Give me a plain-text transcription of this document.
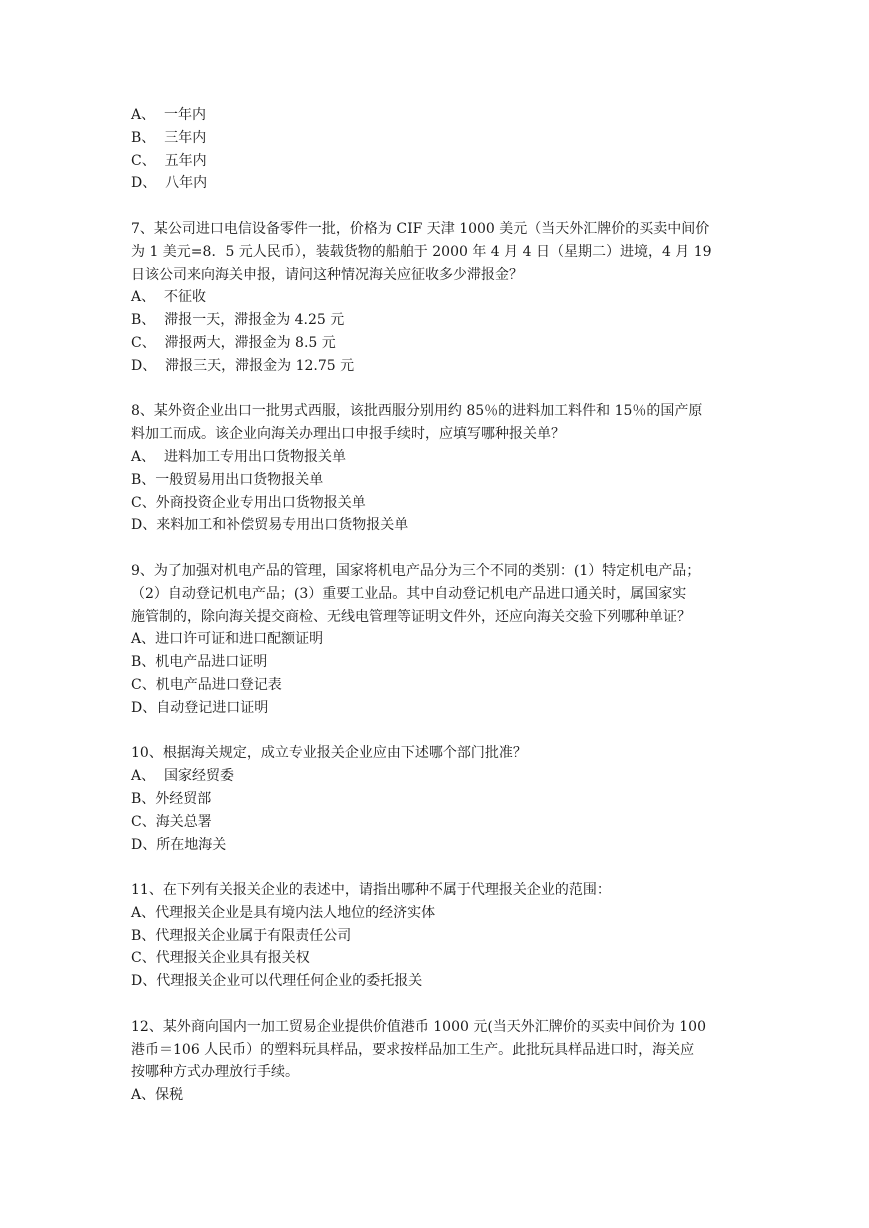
A、  一年内

B、  三年内

C、  五年内

D、  八年内

7、某公司进口电信设备零件一批，价格为 CIF 天津 1000 美元（当天外汇牌价的买卖中间价

为 1 美元=8．5 元人民币），装载货物的船舶于 2000 年 4 月 4 日（星期二）进境，4 月 19

日该公司来向海关申报，请问这种情况海关应征收多少滞报金？

A、  不征收

B、  滞报一天，滞报金为 4.25 元

C、  滞报两大，滞报金为 8.5 元

D、  滞报三天，滞报金为 12.75 元

8、某外资企业出口一批男式西服，该批西服分别用约 85％的进料加工料件和 15％的国产原

料加工而成。该企业向海关办理出口申报手续时，应填写哪种报关单？

A、  进料加工专用出口货物报关单

B、一般贸易用出口货物报关单

C、外商投资企业专用出口货物报关单

D、来料加工和补偿贸易专用出口货物报关单

9、为了加强对机电产品的管理，国家将机电产品分为三个不同的类别：(1）特定机电产品；

（2）自动登记机电产品；(3）重要工业品。其中自动登记机电产品进口通关时，属国家实

施管制的，除向海关提交商检、无线电管理等证明文件外，还应向海关交验下列哪种单证？

A、进口许可证和进口配额证明

B、机电产品进口证明

C、机电产品进口登记表

D、自动登记进口证明

10、根据海关规定，成立专业报关企业应由下述哪个部门批准？

A、  国家经贸委

B、外经贸部

C、海关总署

D、所在地海关

11、在下列有关报关企业的表述中，请指出哪种不属于代理报关企业的范围：

A、代理报关企业是具有境内法人地位的经济实体

B、代理报关企业属于有限责任公司

C、代理报关企业具有报关权

D、代理报关企业可以代理任何企业的委托报关

12、某外商向国内一加工贸易企业提供价值港币 1000 元(当天外汇牌价的买卖中间价为 100

港币＝106 人民币）的塑料玩具样品，要求按样品加工生产。此批玩具样品进口时，海关应

按哪种方式办理放行手续。

A、保税
